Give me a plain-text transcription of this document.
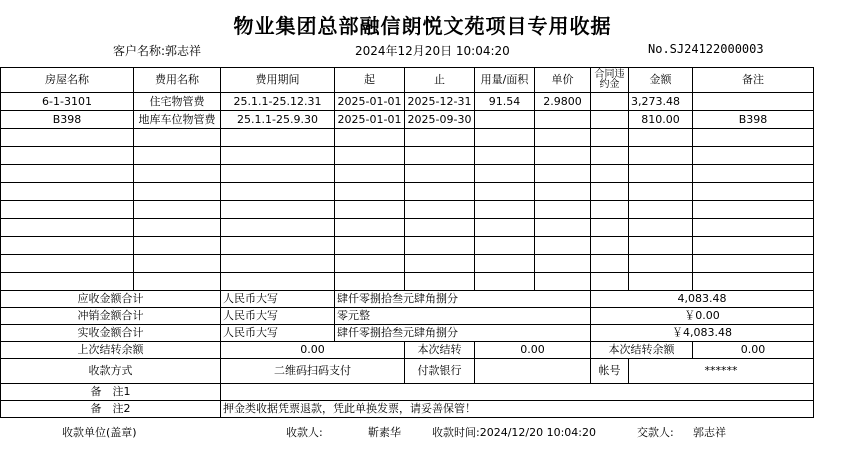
物业集团总部融信朗悦文苑项目专用收据
客户名称:郭志祥	2024年12月20日 10:04:20	No.SJ24122000003
房屋名称	费用名称	费用期间	起	止	用量/面积	单价	合同违约金	金额	备注
6-1-3101	住宅物管费	25.1.1-25.12.31	2025-01-01	2025-12-31	91.54	2.9800		3,273.48	
B398	地库车位物管费	25.1.1-25.9.30	2025-01-01	2025-09-30				810.00	B398

应收金额合计		人民币大写	肆仟零捌拾叁元肆角捌分				4,083.48		
冲销金额合计		人民币大写	零元整				￥0.00		
实收金额合计		人民币大写	肆仟零捌拾叁元肆角捌分				￥4,083.48		
上次结转余额		0.00		本次结转	0.00		本次结转余额		0.00
收款方式		二维码扫码支付		付款银行			帐号	******	
备　注1									
备　注2		押金类收据凭票退款，凭此单换发票，请妥善保管！							
收款单位(盖章)	收款人:	靳素华	收款时间:2024/12/20 10:04:20	交款人: 郭志祥
